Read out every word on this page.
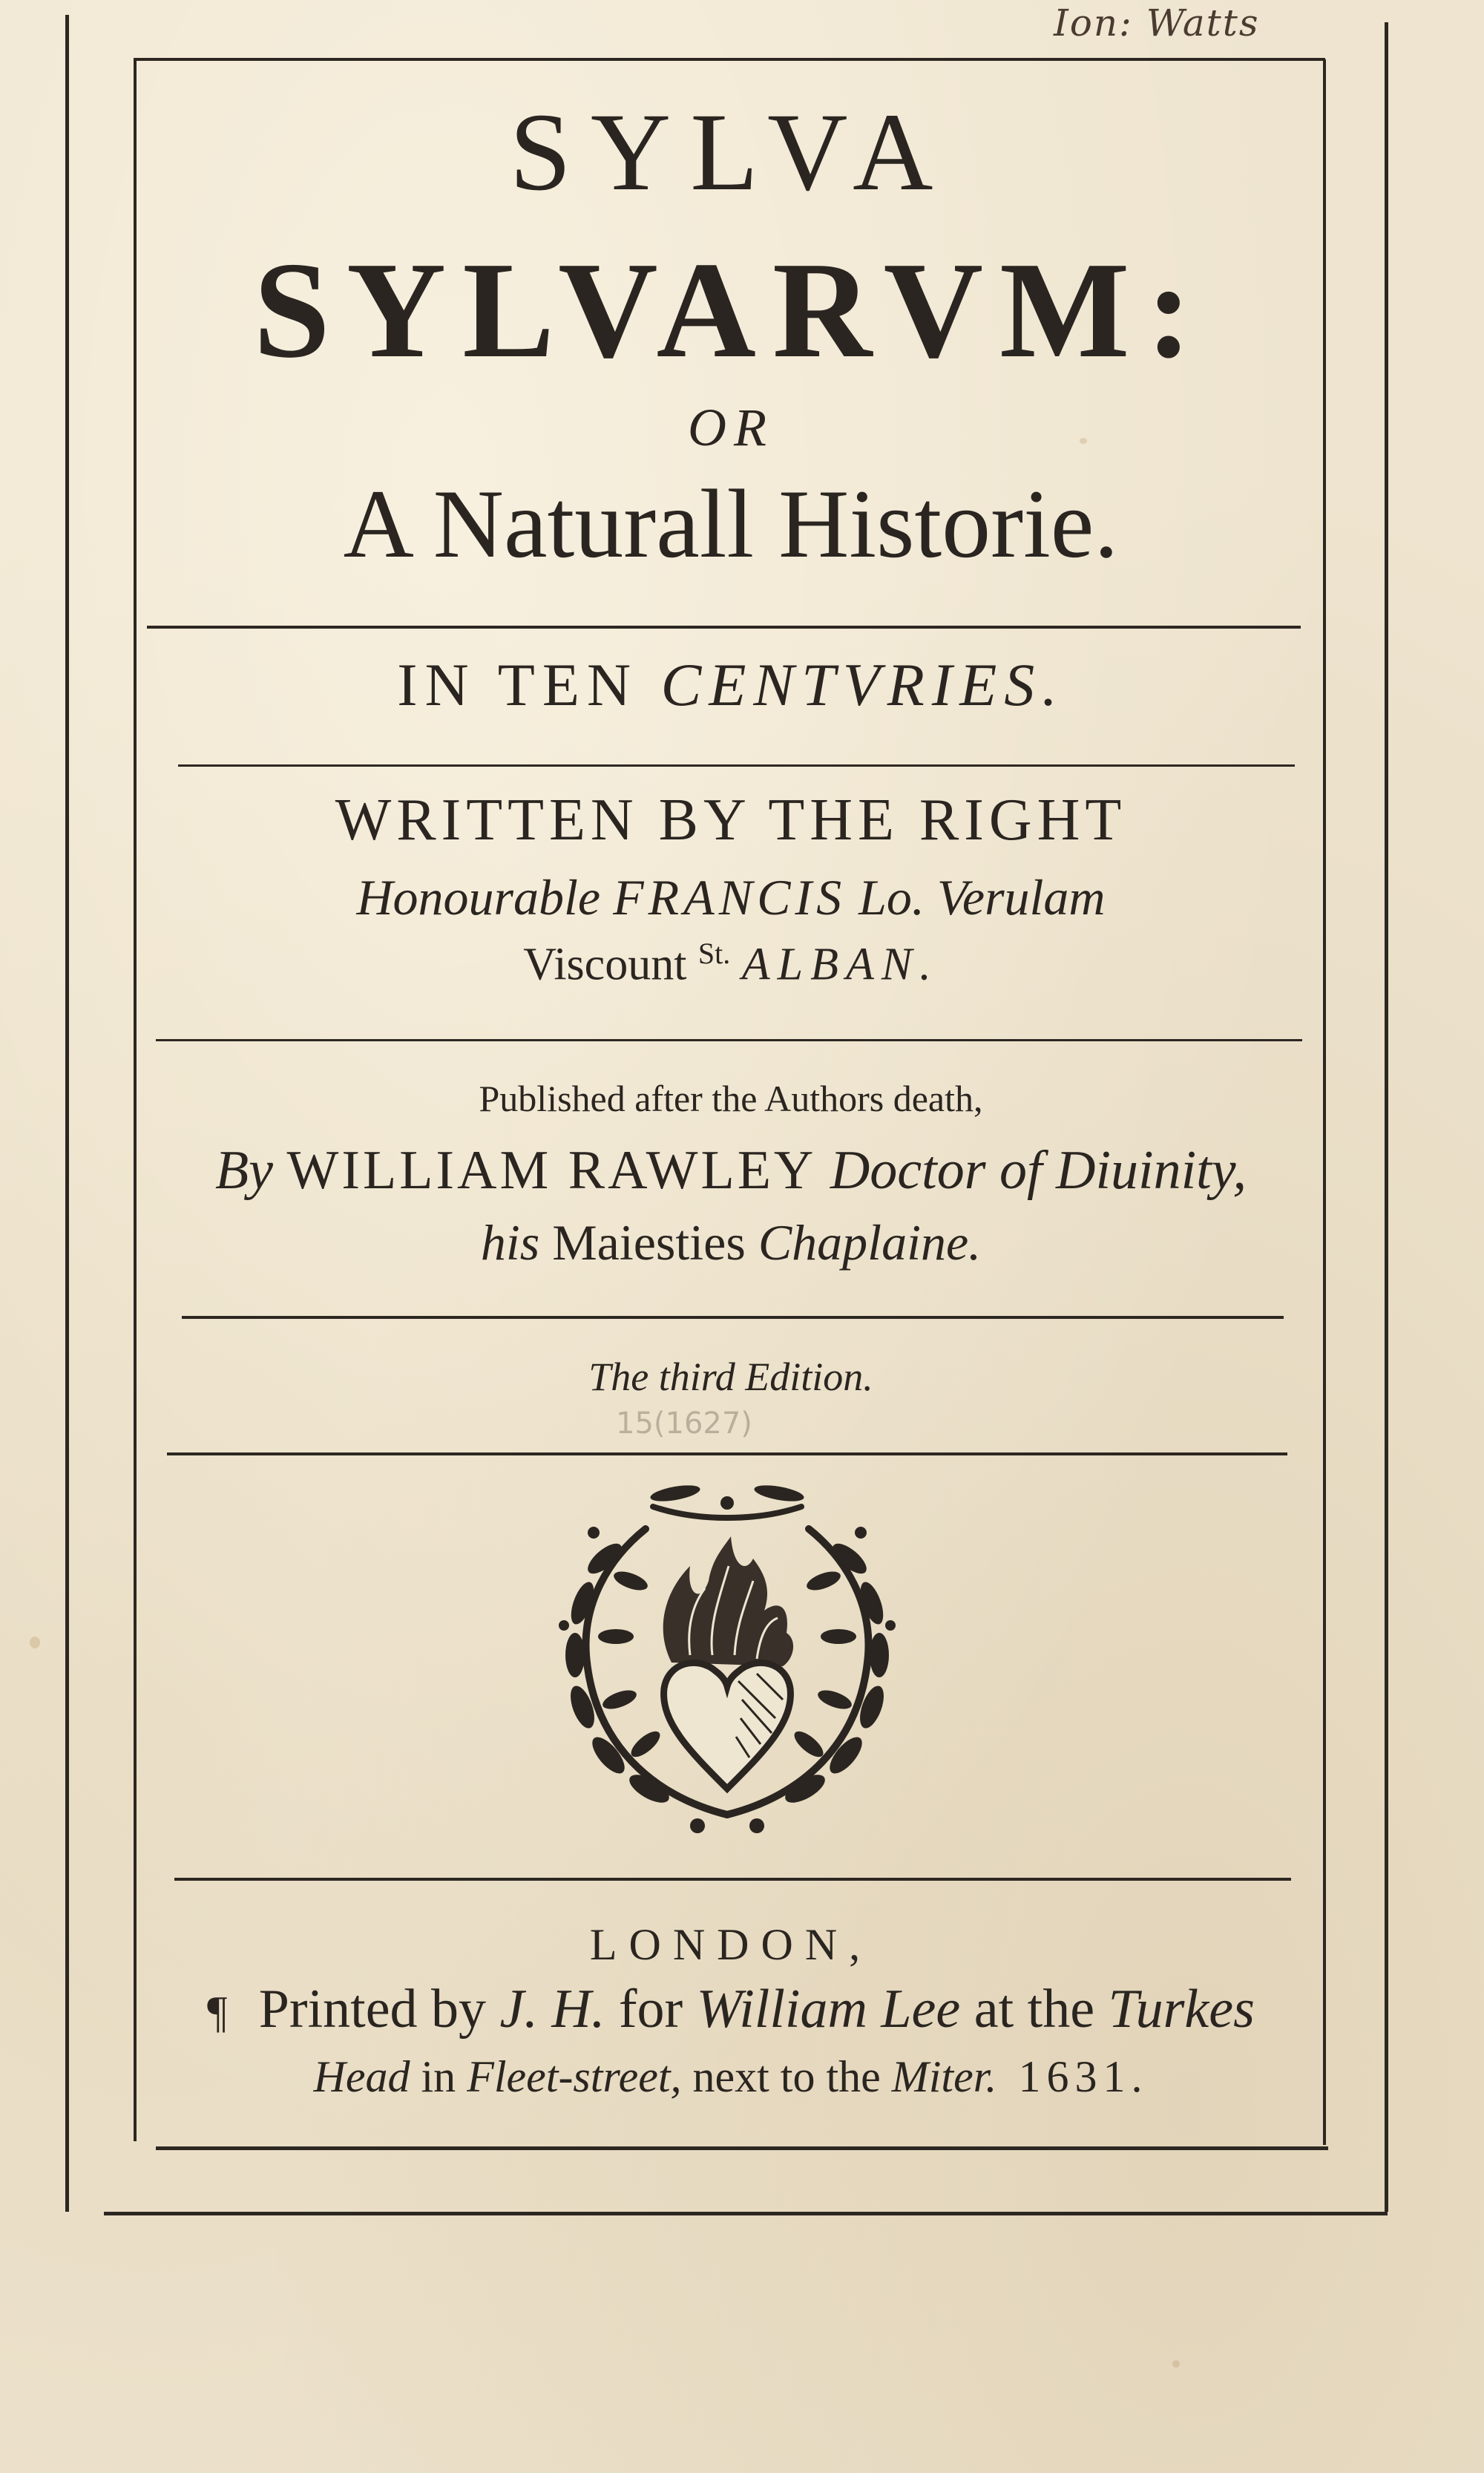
Ion: Watts
SYLVA
SYLVARVM:
OR
A Naturall Historie.
IN TEN CENTVRIES.
WRITTEN BY THE RIGHT
Honourable FRANCIS Lo. Verulam
Viscount $^{St.}$ ALBAN.
Published after the Authors death,
By WILLIAM RAWLEY Doctor of Diuinity,
his Maiesties Chaplaine.
The third Edition.
15(1627)
LONDON,
¶ Printed by J. H. for William Lee at the Turkes
Head in Fleet-street, next to the Miter. 1631.
